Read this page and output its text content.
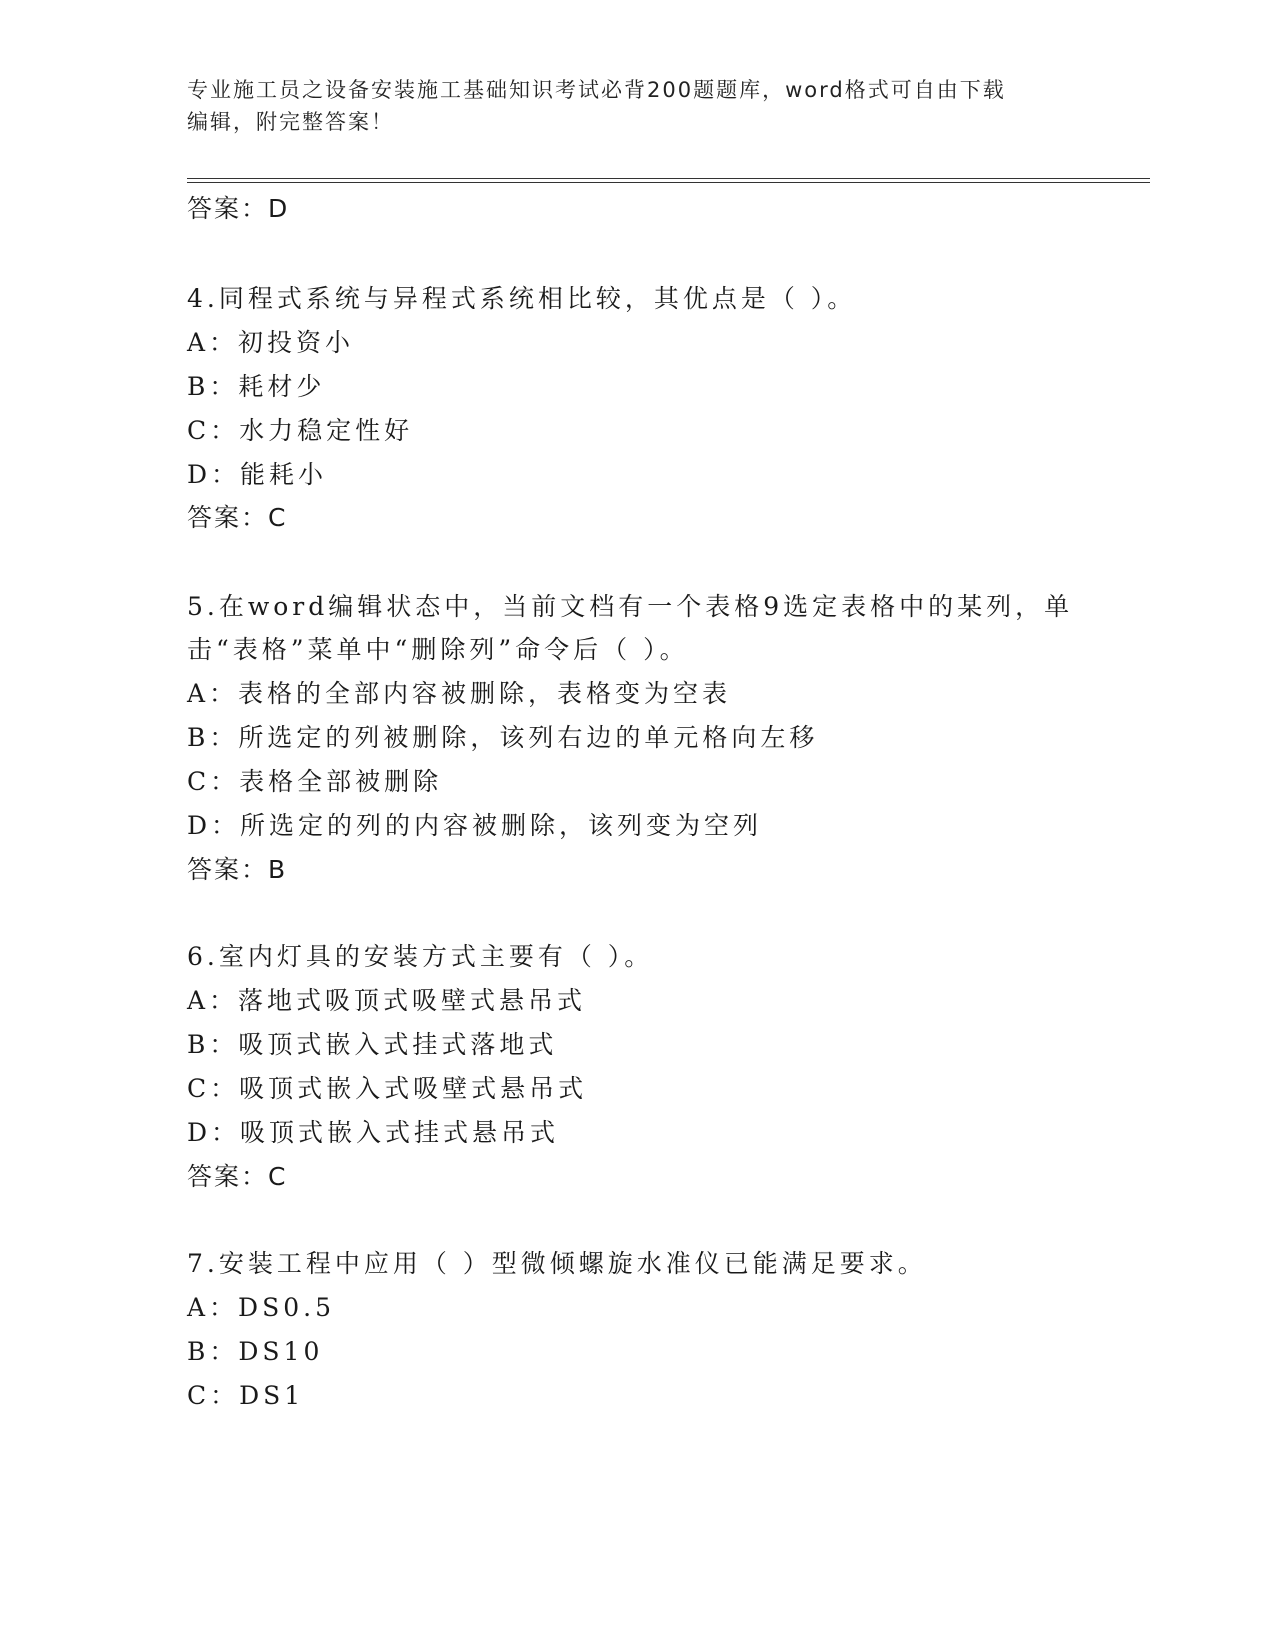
专业施工员之设备安装施工基础知识考试必背200题题库，word格式可自由下载
编辑，附完整答案！
答案：D
4.同程式系统与异程式系统相比较，其优点是（ ）。
A：初投资小
B：耗材少
C：水力稳定性好
D：能耗小
答案：C
5.在word编辑状态中，当前文档有一个表格9选定表格中的某列，单
击“表格”菜单中“删除列”命令后（ ）。
A：表格的全部内容被删除，表格变为空表
B：所选定的列被删除，该列右边的单元格向左移
C：表格全部被删除
D：所选定的列的内容被删除，该列变为空列
答案：B
6.室内灯具的安装方式主要有（ ）。
A：落地式吸顶式吸壁式悬吊式
B：吸顶式嵌入式挂式落地式
C：吸顶式嵌入式吸壁式悬吊式
D：吸顶式嵌入式挂式悬吊式
答案：C
7.安装工程中应用（ ）型微倾螺旋水准仪已能满足要求。
A：DS0.5
B：DS10
C：DS1
